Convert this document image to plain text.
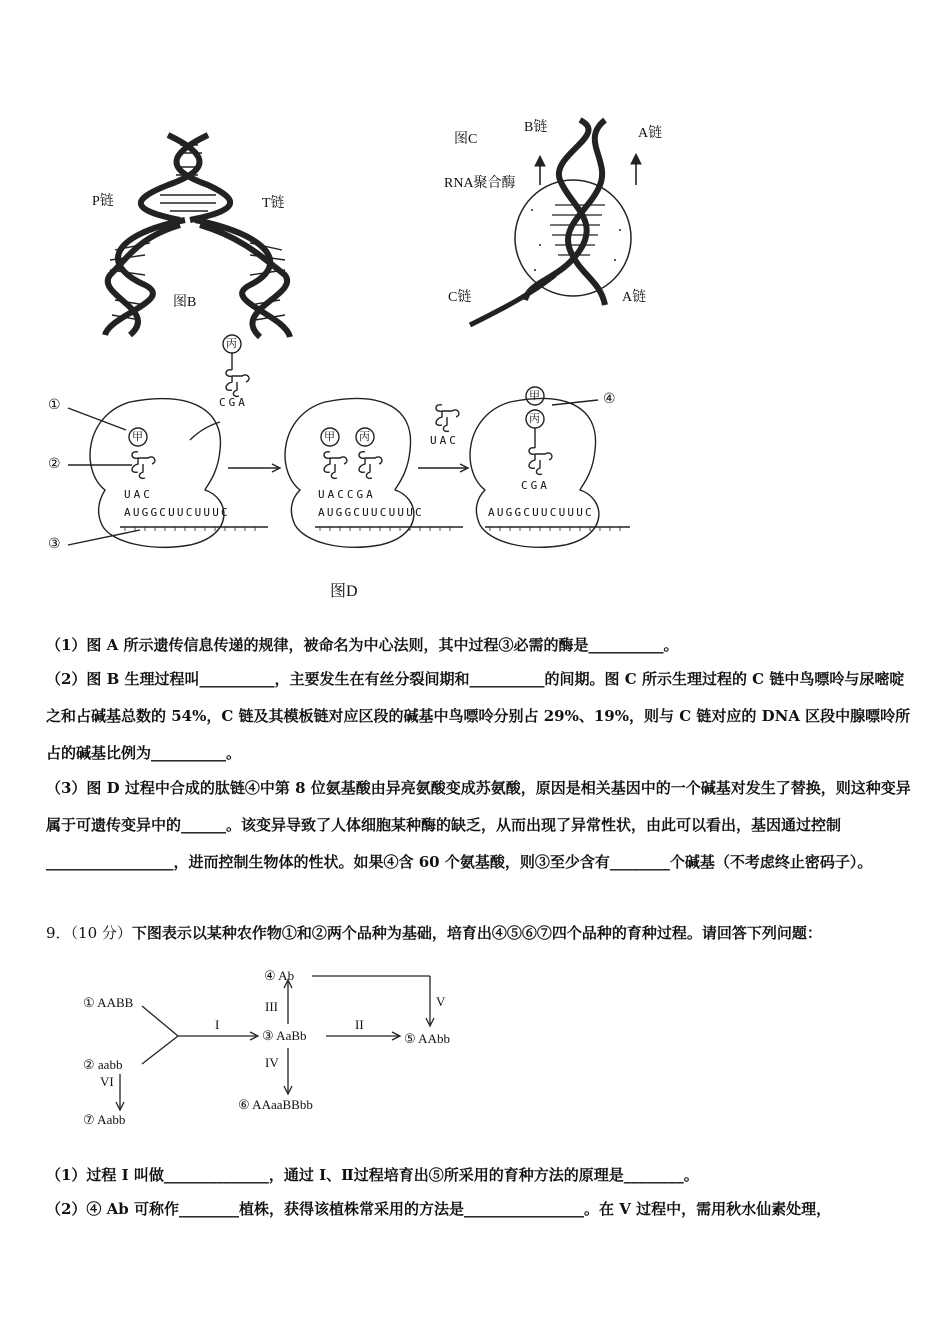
P链	T链
图B
图C
B链	A链
RNA聚合酶
C链	A链
①
②
③
④
甲	甲 丙
甲
丙
丙
CGA
UAC
UAC	UACCGA
CGA
AUGGCUUCUUUC	AUGGCUUCUUUC	AUGGCUUCUUUC
图D
（1）图 A 所示遗传信息传递的规律，被命名为中心法则，其中过程③必需的酶是__________。
（2）图 B 生理过程叫__________，主要发生在有丝分裂间期和__________的间期。图 C 所示生理过程的 C 链中鸟嘌呤与尿嘧啶之和占碱基总数的 54%，C 链及其模板链对应区段的碱基中鸟嘌呤分别占 29%、19%，则与 C 链对应的 DNA 区段中腺嘌呤所占的碱基比例为__________。
（3）图 D 过程中合成的肽链④中第 8 位氨基酸由异亮氨酸变成苏氨酸，原因是相关基因中的一个碱基对发生了替换，则这种变异属于可遗传变异中的______。该变异导致了人体细胞某种酶的缺乏，从而出现了异常性状，由此可以看出，基因通过控制_________________，进而控制生物体的性状。如果④含 60 个氨基酸，则③至少含有________个碱基（不考虑终止密码子）。
9．（10 分）下图表示以某种农作物①和②两个品种为基础，培育出④⑤⑥⑦四个品种的育种过程。请回答下列问题：
① AABB
② aabb
③ AaBb
④ Ab
⑤ AAbb
⑥ AAaaBBbb
⑦ Aabb
I	II
III
IV
V
VI
（1）过程 I 叫做______________，通过 I、Ⅱ过程培育出⑤所采用的育种方法的原理是________。
（2）④ Ab 可称作________植株，获得该植株常采用的方法是________________。在 V 过程中，需用秋水仙素处理，
